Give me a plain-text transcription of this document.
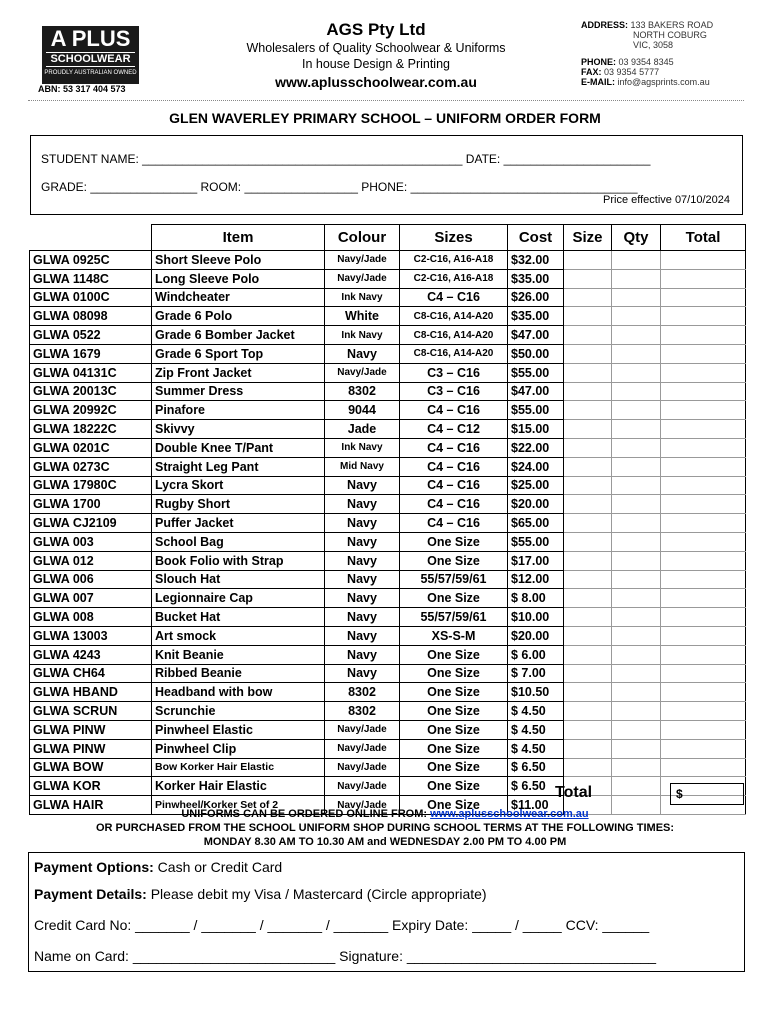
A PLUS
SCHOOLWEAR
PROUDLY AUSTRALIAN OWNED
ABN: 53 317 404 573
AGS Pty Ltd
Wholesalers of Quality Schoolwear & Uniforms
In house Design & Printing
www.aplusschoolwear.com.au
ADDRESS: 133 BAKERS ROAD
NORTH COBURG
VIC, 3058
PHONE: 03 9354 8345
FAX: 03 9354 5777
E-MAIL: info@agsprints.com.au
GLEN WAVERLEY PRIMARY SCHOOL – UNIFORM ORDER FORM
STUDENT NAME: ________________________________________________ DATE: ______________________
GRADE: ________________ ROOM: _________________ PHONE: __________________________________
Price effective 07/10/2024
	Item	Colour	Sizes	Cost	Size	Qty	Total
GLWA 0925C	Short Sleeve Polo	Navy/Jade	C2-C16, A16-A18	$32.00			
GLWA 1148C	Long Sleeve Polo	Navy/Jade	C2-C16, A16-A18	$35.00			
GLWA 0100C	Windcheater	Ink Navy	C4 – C16	$26.00			
GLWA 08098	Grade 6 Polo	White	C8-C16, A14-A20	$35.00			
GLWA 0522	Grade 6 Bomber Jacket	Ink Navy	C8-C16, A14-A20	$47.00			
GLWA 1679	Grade 6 Sport Top	Navy	C8-C16, A14-A20	$50.00			
GLWA 04131C	Zip Front Jacket	Navy/Jade	C3 – C16	$55.00			
GLWA 20013C	Summer Dress	8302	C3 – C16	$47.00			
GLWA 20992C	Pinafore	9044	C4 – C16	$55.00			
GLWA 18222C	Skivvy	Jade	C4 – C12	$15.00			
GLWA 0201C	Double Knee T/Pant	Ink Navy	C4 – C16	$22.00			
GLWA 0273C	Straight Leg Pant	Mid Navy	C4 – C16	$24.00			
GLWA 17980C	Lycra Skort	Navy	C4 – C16	$25.00			
GLWA 1700	Rugby Short	Navy	C4 – C16	$20.00			
GLWA CJ2109	Puffer Jacket	Navy	C4 – C16	$65.00			
GLWA 003	School Bag	Navy	One Size	$55.00			
GLWA 012	Book Folio with Strap	Navy	One Size	$17.00			
GLWA 006	Slouch Hat	Navy	55/57/59/61	$12.00			
GLWA 007	Legionnaire Cap	Navy	One Size	$ 8.00			
GLWA 008	Bucket Hat	Navy	55/57/59/61	$10.00			
GLWA 13003	Art smock	Navy	XS-S-M	$20.00			
GLWA 4243	Knit Beanie	Navy	One Size	$ 6.00			
GLWA CH64	Ribbed Beanie	Navy	One Size	$ 7.00			
GLWA HBAND	Headband with bow	8302	One Size	$10.50			
GLWA SCRUN	Scrunchie	8302	One Size	$ 4.50			
GLWA PINW	Pinwheel Elastic	Navy/Jade	One Size	$ 4.50			
GLWA PINW	Pinwheel Clip	Navy/Jade	One Size	$ 4.50			
GLWA BOW	Bow Korker Hair Elastic	Navy/Jade	One Size	$ 6.50			
GLWA KOR	Korker Hair Elastic	Navy/Jade	One Size	$ 6.50			
GLWA HAIR	Pinwheel/Korker Set of 2	Navy/Jade	One Size	$11.00			
Total	$
UNIFORMS CAN BE ORDERED ONLINE FROM: www.aplusschoolwear.com.au
OR PURCHASED FROM THE SCHOOL UNIFORM SHOP DURING SCHOOL TERMS AT THE FOLLOWING TIMES:
MONDAY 8.30 AM TO 10.30 AM and WEDNESDAY 2.00 PM TO 4.00 PM
Payment Options: Cash or Credit Card
Payment Details: Please debit my Visa / Mastercard (Circle appropriate)
Credit Card No: _______ / _______ / _______ / _______ Expiry Date: _____ / _____ CCV: ______
Name on Card: __________________________ Signature: ________________________________
